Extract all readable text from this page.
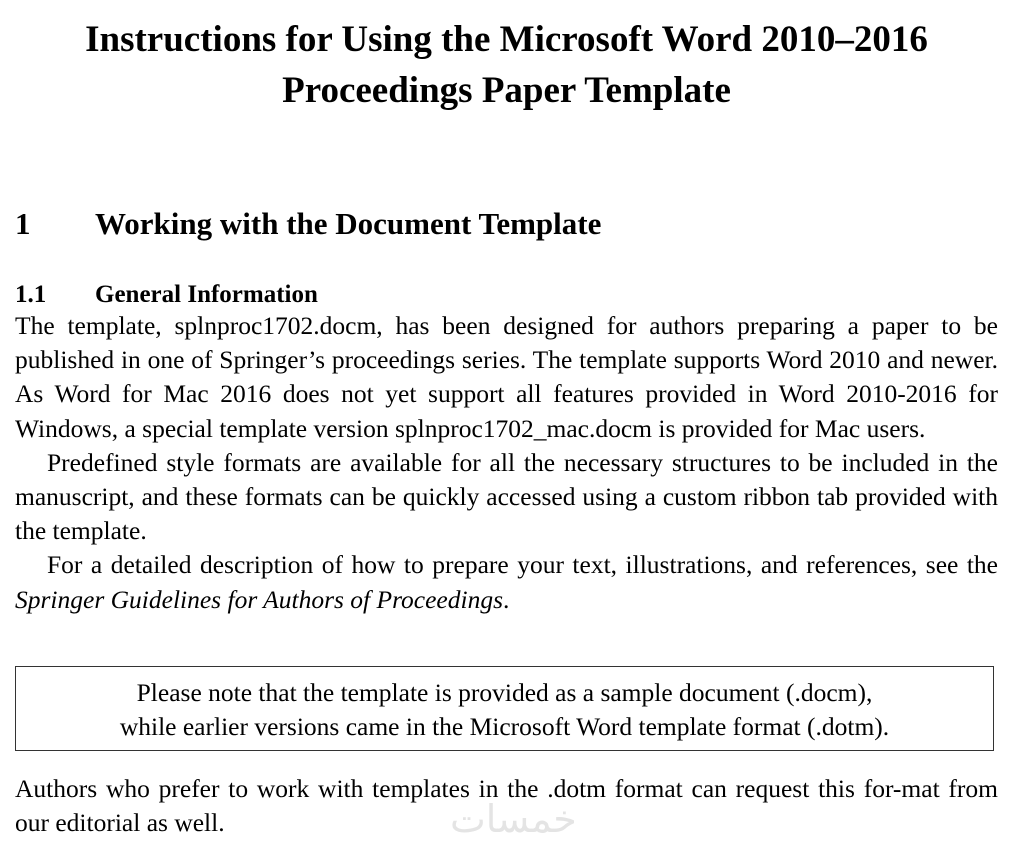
Instructions for Using the Microsoft Word 2010–2016
Proceedings Paper Template
1 Working with the Document Template
1.1 General Information

The template, splnproc1702.docm, has been designed for authors preparing a paper to be published in one of Springer’s proceedings series. The template supports Word 2010 and newer. As Word for Mac 2016 does not yet support all features provided in Word 2010-2016 for Windows, a special template version splnproc1702_mac.docm is provided for Mac users.

Predefined style formats are available for all the necessary structures to be included in the manuscript, and these formats can be quickly accessed using a custom ribbon tab provided with the template.

For a detailed description of how to prepare your text, illustrations, and references, see the Springer Guidelines for Authors of Proceedings.

Please note that the template is provided as a sample document (.docm),
while earlier versions came in the Microsoft Word template format (.dotm).

Authors who prefer to work with templates in the .dotm format can request this for-mat from our editorial as well.	خمسات
